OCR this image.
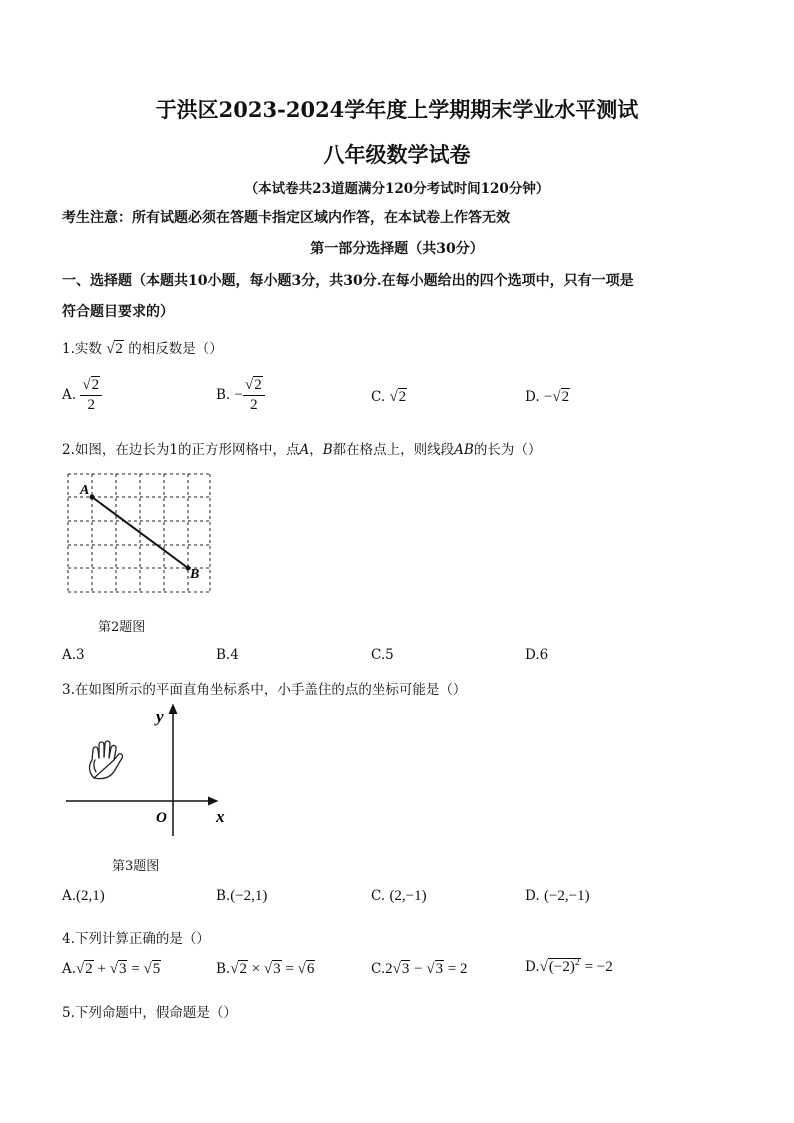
于洪区2023-2024学年度上学期期末学业水平测试
八年级数学试卷
（本试卷共23道题满分120分考试时间120分钟）
考生注意：所有试题必须在答题卡指定区域内作答，在本试卷上作答无效
第一部分选择题（共30分）
一、选择题（本题共10小题，每小题3分，共30分.在每小题给出的四个选项中，只有一项是
符合题目要求的）
1.实数 √2 的相反数是（）
A. $\frac{√2}{2}$	B. − $\frac{√2}{2}$	C. √2	D. −√2
2.如图，在边长为1的正方形网格中，点A，B都在格点上，则线段AB的长为（）
A
B
第2题图
A.3	B.4	C.5	D.6
3.在如图所示的平面直角坐标系中，小手盖住的点的坐标可能是（）
y
x
O
第3题图
A.(2,1)	B.(−2,1)	C. (2,−1)	D. (−2,−1)
4.下列计算正确的是（）
A.√2 + √3 = √5	B.√2 × √3 = √6	C.2√3 − √3 = 2	$D.√(-2)^2 = -2$
5.下列命题中，假命题是（）
